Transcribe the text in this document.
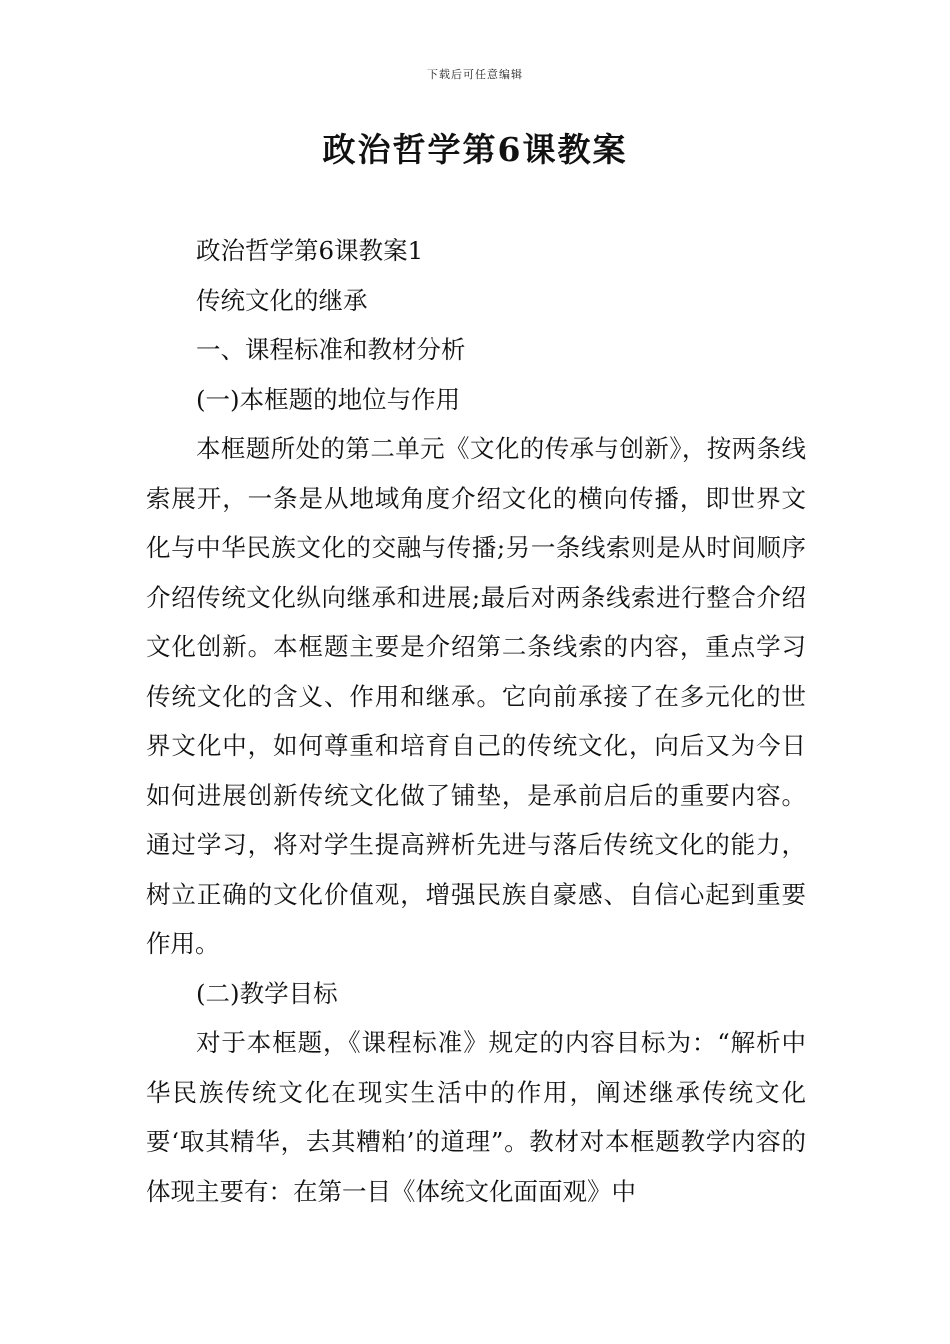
下载后可任意编辑
政治哲学第6课教案

政治哲学第6课教案1

传统文化的继承

一、课程标准和教材分析

(一)本框题的地位与作用

本框题所处的第二单元《文化的传承与创新》，按两条线索展开，一条是从地域角度介绍文化的横向传播，即世界文化与中华民族文化的交融与传播;另一条线索则是从时间顺序介绍传统文化纵向继承和进展;最后对两条线索进行整合介绍文化创新。本框题主要是介绍第二条线索的内容，重点学习传统文化的含义、作用和继承。它向前承接了在多元化的世界文化中，如何尊重和培育自己的传统文化，向后又为今日如何进展创新传统文化做了铺垫，是承前启后的重要内容。通过学习，将对学生提高辨析先进与落后传统文化的能力，树立正确的文化价值观，增强民族自豪感、自信心起到重要作用。

(二)教学目标

对于本框题，《课程标准》规定的内容目标为：“解析中华民族传统文化在现实生活中的作用，阐述继承传统文化要‘取其精华，去其糟粕’的道理”。教材对本框题教学内容的体现主要有：在第一目《体统文化面面观》中
